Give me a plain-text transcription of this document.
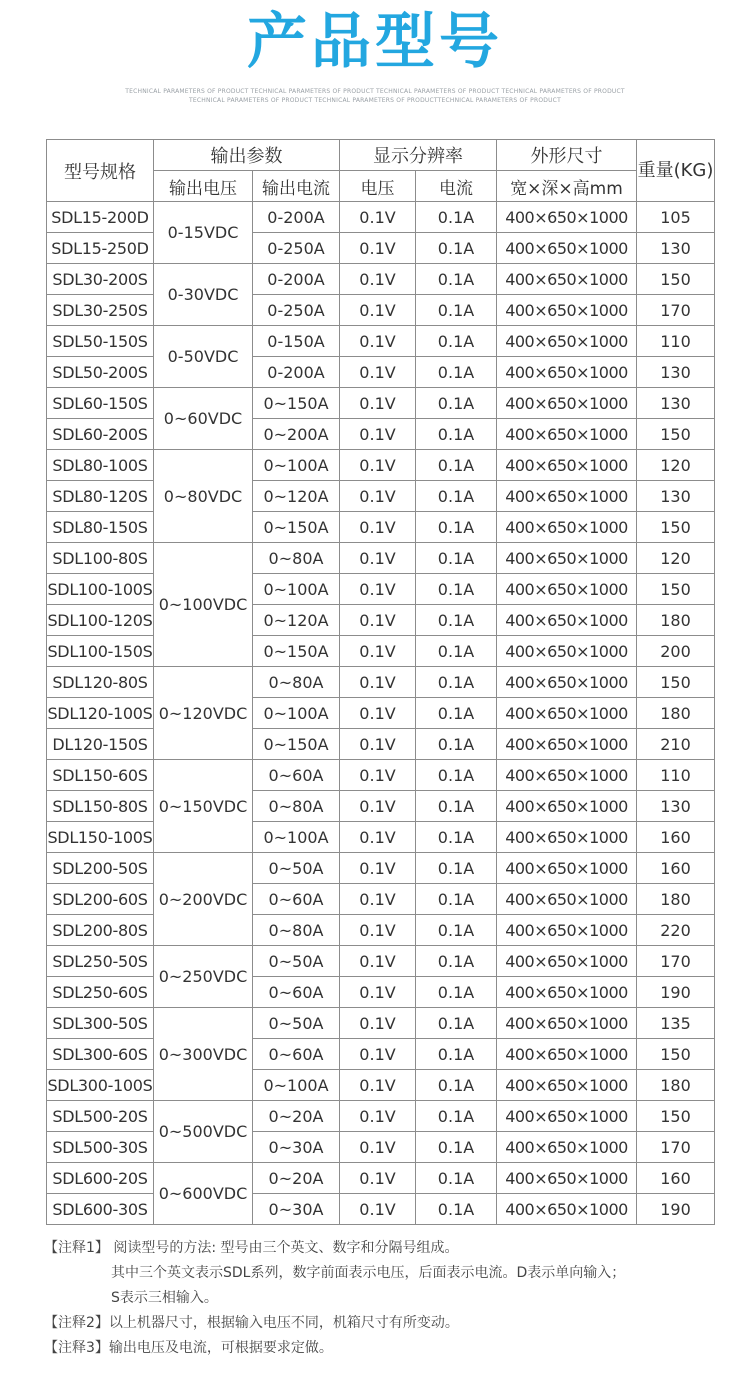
产品型号
TECHNICAL PARAMETERS OF PRODUCT TECHNICAL PARAMETERS OF PRODUCT TECHNICAL PARAMETERS OF PRODUCT TECHNICAL PARAMETERS OF PRODUCT
TECHNICAL PARAMETERS OF PRODUCT TECHNICAL PARAMETERS OF PRODUCTTECHNICAL PARAMETERS OF PRODUCT
型号规格	输出参数		显示分辨率		外形尺寸	重量(KG)
	输出电压	输出电流	电压	电流	宽×深×高mm	
SDL15-200D	0-15VDC	0-200A	0.1V	0.1A	400×650×1000	105
SDL15-250D		0-250A	0.1V	0.1A	400×650×1000	130
SDL30-200S	0-30VDC	0-200A	0.1V	0.1A	400×650×1000	150
SDL30-250S		0-250A	0.1V	0.1A	400×650×1000	170
SDL50-150S	0-50VDC	0-150A	0.1V	0.1A	400×650×1000	110
SDL50-200S		0-200A	0.1V	0.1A	400×650×1000	130
SDL60-150S	0~60VDC	0~150A	0.1V	0.1A	400×650×1000	130
SDL60-200S		0~200A	0.1V	0.1A	400×650×1000	150
SDL80-100S	0~80VDC	0~100A	0.1V	0.1A	400×650×1000	120
SDL80-120S		0~120A	0.1V	0.1A	400×650×1000	130
SDL80-150S		0~150A	0.1V	0.1A	400×650×1000	150
SDL100-80S	0~100VDC	0~80A	0.1V	0.1A	400×650×1000	120
SDL100-100S		0~100A	0.1V	0.1A	400×650×1000	150
SDL100-120S		0~120A	0.1V	0.1A	400×650×1000	180
SDL100-150S		0~150A	0.1V	0.1A	400×650×1000	200
SDL120-80S	0~120VDC	0~80A	0.1V	0.1A	400×650×1000	150
SDL120-100S		0~100A	0.1V	0.1A	400×650×1000	180
DL120-150S		0~150A	0.1V	0.1A	400×650×1000	210
SDL150-60S	0~150VDC	0~60A	0.1V	0.1A	400×650×1000	110
SDL150-80S		0~80A	0.1V	0.1A	400×650×1000	130
SDL150-100S		0~100A	0.1V	0.1A	400×650×1000	160
SDL200-50S	0~200VDC	0~50A	0.1V	0.1A	400×650×1000	160
SDL200-60S		0~60A	0.1V	0.1A	400×650×1000	180
SDL200-80S		0~80A	0.1V	0.1A	400×650×1000	220
SDL250-50S	0~250VDC	0~50A	0.1V	0.1A	400×650×1000	170
SDL250-60S		0~60A	0.1V	0.1A	400×650×1000	190
SDL300-50S	0~300VDC	0~50A	0.1V	0.1A	400×650×1000	135
SDL300-60S		0~60A	0.1V	0.1A	400×650×1000	150
SDL300-100S		0~100A	0.1V	0.1A	400×650×1000	180
SDL500-20S	0~500VDC	0~20A	0.1V	0.1A	400×650×1000	150
SDL500-30S		0~30A	0.1V	0.1A	400×650×1000	170
SDL600-20S	0~600VDC	0~20A	0.1V	0.1A	400×650×1000	160
SDL600-30S		0~30A	0.1V	0.1A	400×650×1000	190
【注释1】 阅读型号的方法: 型号由三个英文、数字和分隔号组成。
其中三个英文表示SDL系列，数字前面表示电压，后面表示电流。D表示单向输入；
S表示三相输入。
【注释2】以上机器尺寸，根据输入电压不同，机箱尺寸有所变动。
【注释3】输出电压及电流，可根据要求定做。
